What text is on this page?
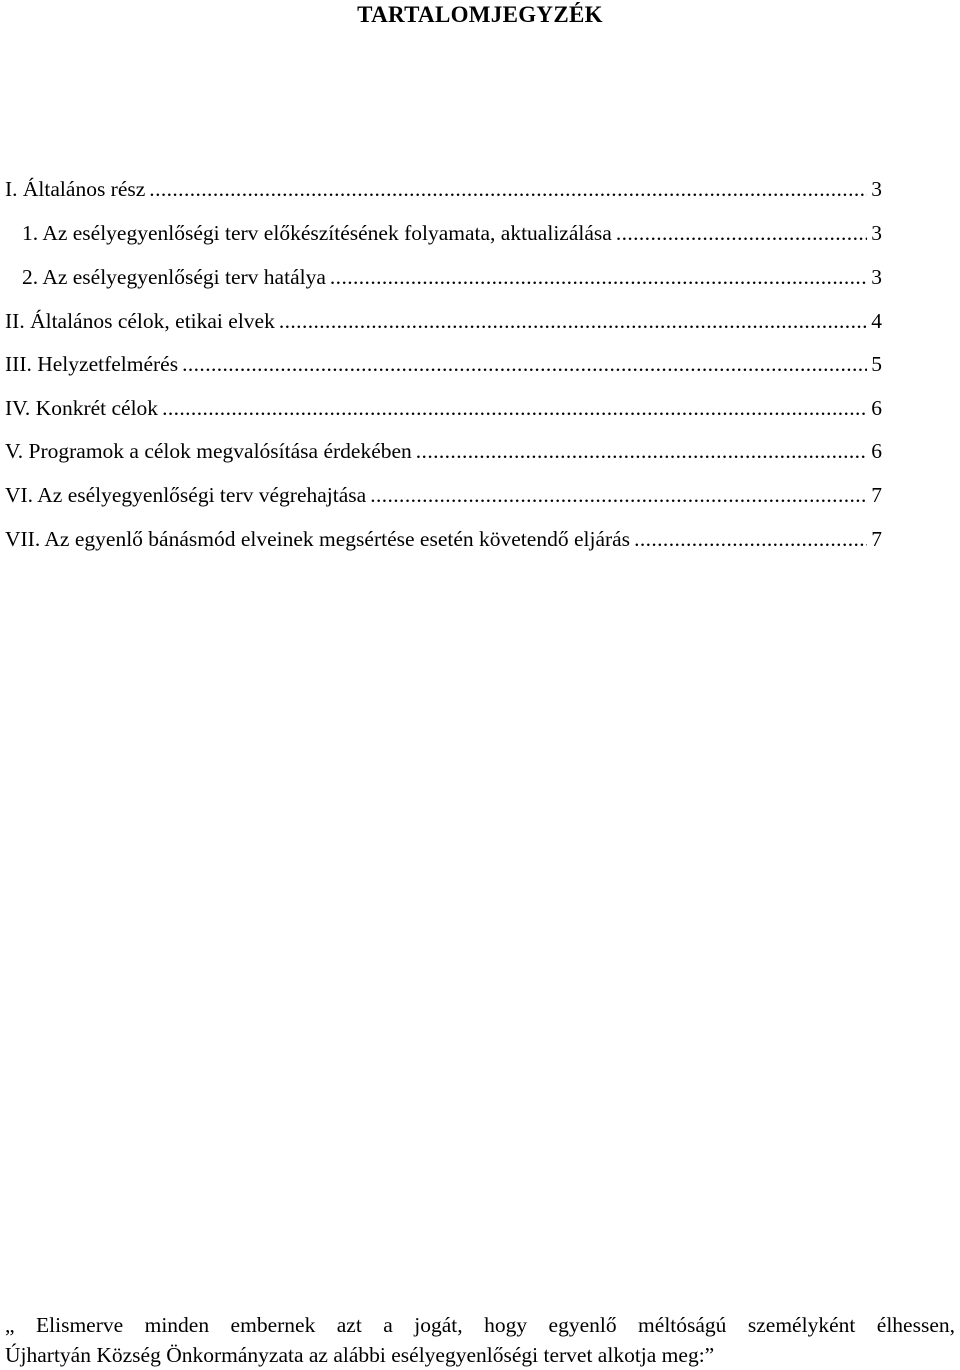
TARTALOMJEGYZÉK
I. Általános rész .....	3
1. Az esélyegyenlőségi terv előkészítésének folyamata, aktualizálása .....	3
2. Az esélyegyenlőségi terv hatálya .....	3
II. Általános célok, etikai elvek .....	4
III. Helyzetfelmérés .....	5
IV. Konkrét célok .....	6
V. Programok a célok megvalósítása érdekében .....	6
VI. Az esélyegyenlőségi terv végrehajtása .....	7
VII. Az egyenlő bánásmód elveinek megsértése esetén követendő eljárás .....	7
„ Elismerve minden embernek azt a jogát, hogy egyenlő méltóságú személyként élhessen,
Újhartyán Község Önkormányzata az alábbi esélyegyenlőségi tervet alkotja meg:”
